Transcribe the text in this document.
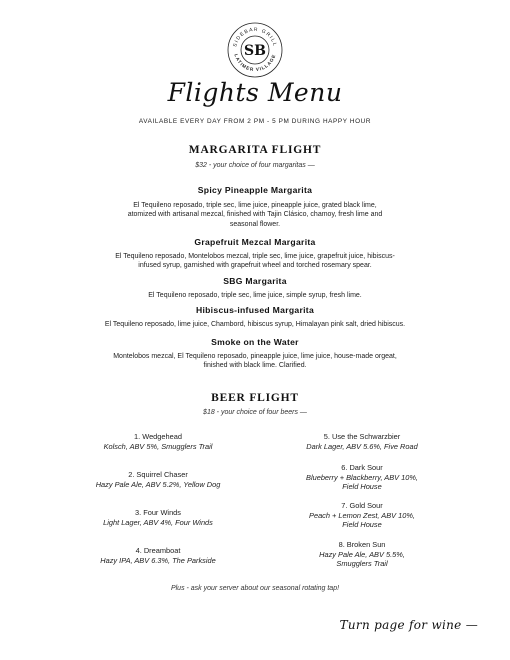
SIDEBAR GRILL
LATIMER VILLAGE
SB
Flights Menu
AVAILABLE EVERY DAY FROM 2 PM - 5 PM DURING HAPPY HOUR
MARGARITA FLIGHT
$32 - your choice of four margaritas —
Spicy Pineapple Margarita
El Tequileno reposado, triple sec, lime juice, pineapple juice, grated black lime,
atomized with artisanal mezcal, finished with Tajin Clásico, chamoy, fresh lime and
seasonal flower.
Grapefruit Mezcal Margarita
El Tequileno reposado, Montelobos mezcal, triple sec, lime juice, grapefruit juice, hibiscus-
infused syrup, garnished with grapefruit wheel and torched rosemary spear.
SBG Margarita
El Tequileno reposado, triple sec, lime juice, simple syrup, fresh lime.
Hibiscus-infused Margarita
El Tequileno reposado, lime juice, Chambord, hibiscus syrup, Himalayan pink salt, dried hibiscus.
Smoke on the Water
Montelobos mezcal, El Tequileno reposado, pineapple juice, lime juice, house-made orgeat,
finished with black lime. Clarified.
BEER FLIGHT
$18 - your choice of four beers —
1. Wedgehead
Kolsch, ABV 5%, Smugglers Trail
2. Squirrel Chaser
Hazy Pale Ale, ABV 5.2%, Yellow Dog
3. Four Winds
Light Lager, ABV 4%, Four Winds
4. Dreamboat
Hazy IPA, ABV 6.3%, The Parkside
5. Use the Schwarzbier
Dark Lager, ABV 5.6%, Five Road
6. Dark Sour
Blueberry + Blackberry, ABV 10%,
Field House
7. Gold Sour
Peach + Lemon Zest, ABV 10%,
Field House
8. Broken Sun
Hazy Pale Ale, ABV 5.5%,
Smugglers Trail
Plus - ask your server about our seasonal rotating tap!
Turn page for wine —
